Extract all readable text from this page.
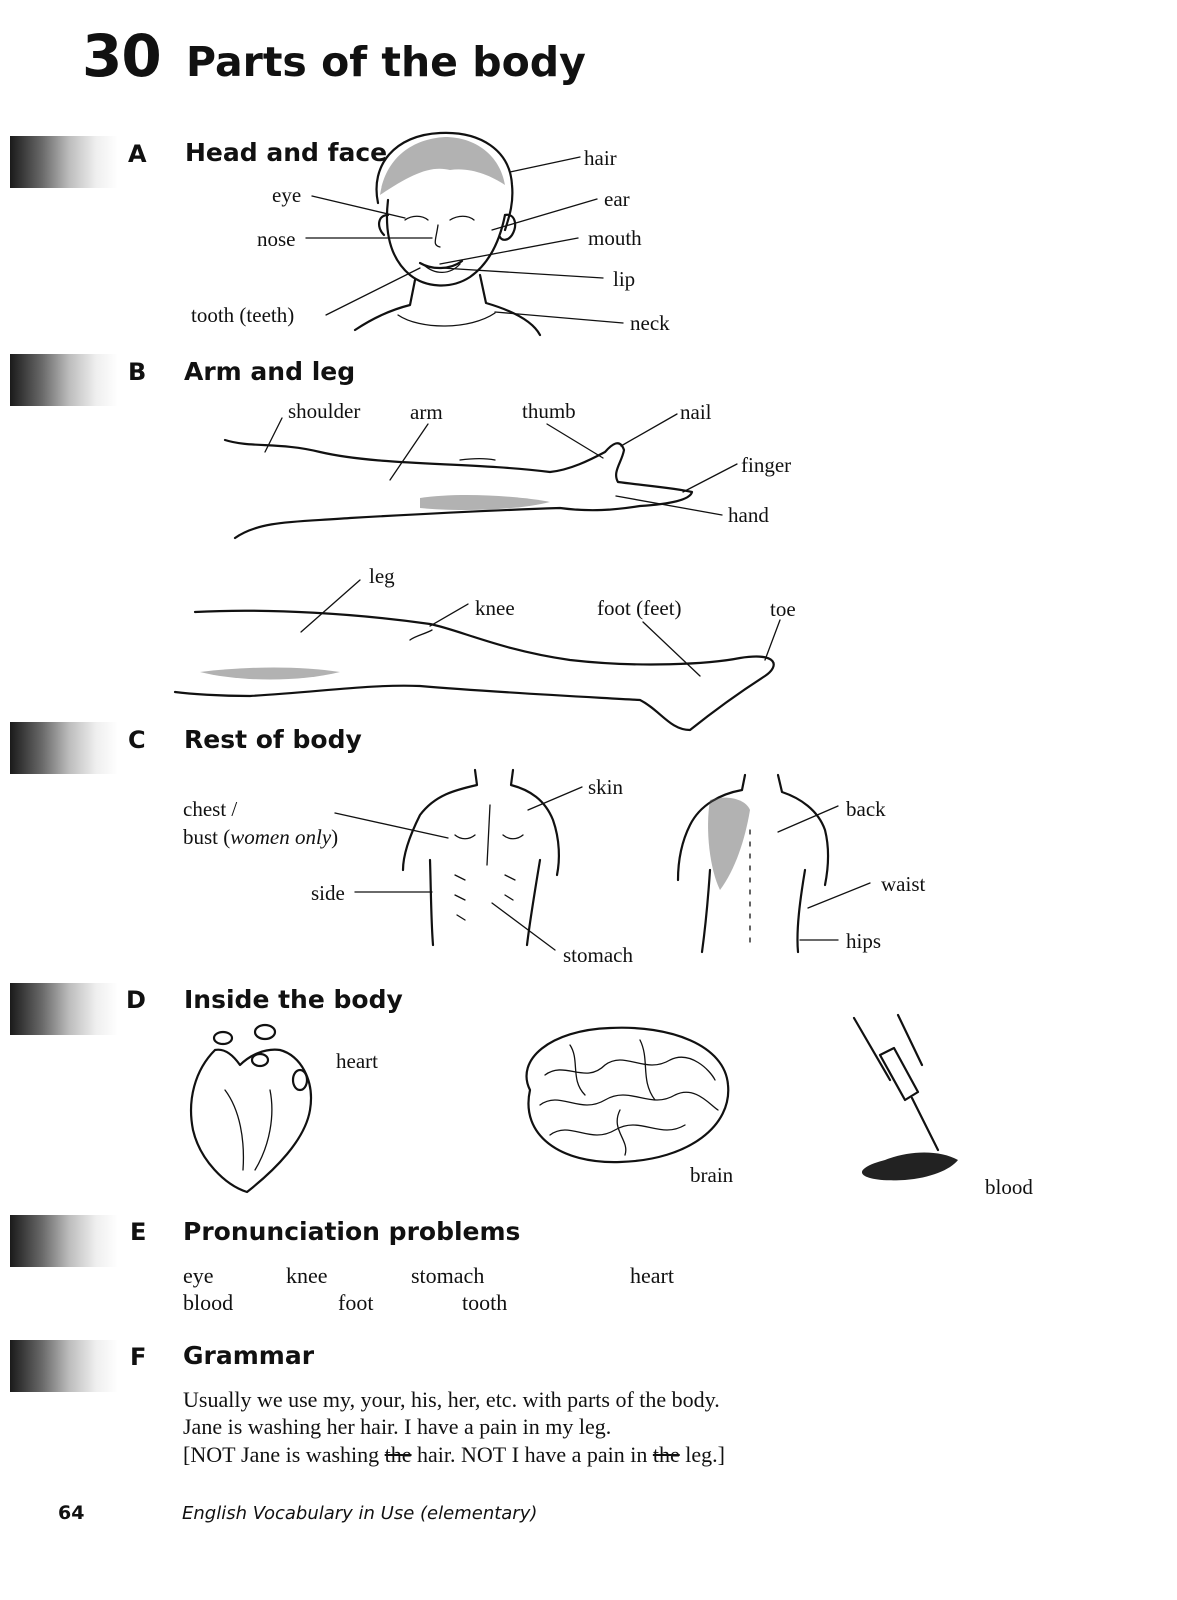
30 Parts of the body
A Head and face	hair
eye	ear
nose	mouth
lip
tooth (teeth)	neck
B Arm and leg
shoulder arm	thumb	nail
finger
hand
leg
knee	foot (feet)	toe
C Rest of body
chest /
bust (women only)
skin
side
stomach
back
waist
hips
D Inside the body
heart
brain	blood
E Pronunciation problems
eye	knee	stomach	heart
blood	foot	tooth
F Grammar
Usually we use my, your, his, her, etc. with parts of the body.
Jane is washing her hair. I have a pain in my leg.
[NOT Jane is washing the hair. NOT I have a pain in the leg.]
64	English Vocabulary in Use (elementary)
